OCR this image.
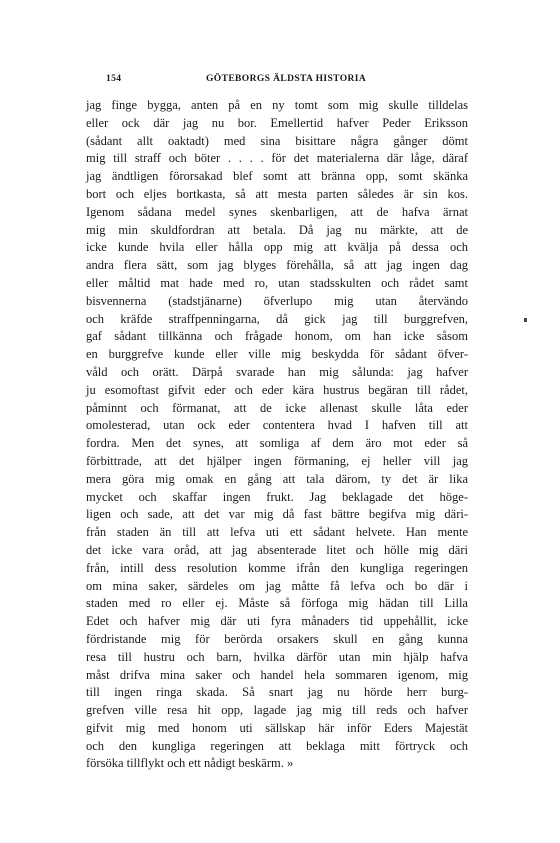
154	GÖTEBORGS ÄLDSTA HISTORIA
jag finge bygga, anten på en ny tomt som mig skulle tilldelas
eller ock där jag nu bor. Emellertid hafver Peder Eriksson
(sådant allt oaktadt) med sina bisittare några gånger dömt
mig till straff och böter . . . . för det materialerna där låge, däraf
jag ändtligen förorsakad blef somt att bränna opp, somt skänka
bort och eljes bortkasta, så att mesta parten således är sin kos.
Igenom sådana medel synes skenbarligen, att de hafva ärnat
mig min skuldfordran att betala. Då jag nu märkte, att de
icke kunde hvila eller hålla opp mig att kvälja på dessa och
andra flera sätt, som jag blyges förehålla, så att jag ingen dag
eller måltid mat hade med ro, utan stadsskulten och rådet samt
bisvennerna (stadstjänarne) öfverlupo mig utan återvändo
och kräfde straffpenningarna, då gick jag till burggrefven,
gaf sådant tillkänna och frågade honom, om han icke såsom
en burggrefve kunde eller ville mig beskydda för sådant öfver-
våld och orätt. Därpå svarade han mig sålunda: jag hafver
ju esomoftast gifvit eder och eder kära hustrus begäran till rådet,
påminnt och förmanat, att de icke allenast skulle låta eder
omolesterad, utan ock eder contentera hvad I hafven till att
fordra. Men det synes, att somliga af dem äro mot eder så
förbittrade, att det hjälper ingen förmaning, ej heller vill jag
mera göra mig omak en gång att tala därom, ty det är lika
mycket och skaffar ingen frukt. Jag beklagade det höge-
ligen och sade, att det var mig då fast bättre begifva mig däri-
från staden än till att lefva uti ett sådant helvete. Han mente
det icke vara oråd, att jag absenterade litet och hölle mig däri
från, intill dess resolution komme ifrån den kungliga regeringen
om mina saker, särdeles om jag måtte få lefva och bo där i
staden med ro eller ej. Måste så förfoga mig hädan till Lilla
Edet och hafver mig där uti fyra månaders tid uppehållit, icke
fördristande mig för berörda orsakers skull en gång kunna
resa till hustru och barn, hvilka därför utan min hjälp hafva
måst drifva mina saker och handel hela sommaren igenom, mig
till ingen ringa skada. Så snart jag nu hörde herr burg-
grefven ville resa hit opp, lagade jag mig till reds och hafver
gifvit mig med honom uti sällskap här inför Eders Majestät
och den kungliga regeringen att beklaga mitt förtryck och
försöka tillflykt och ett nådigt beskärm. »
